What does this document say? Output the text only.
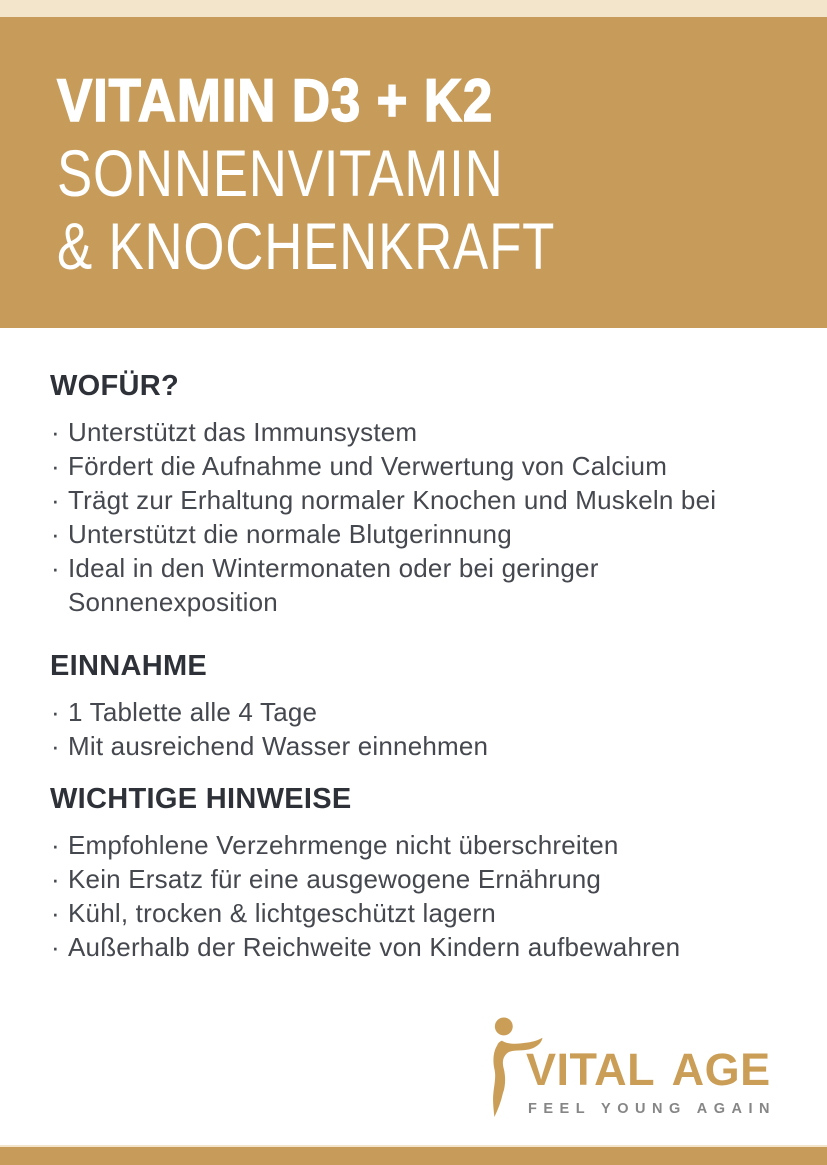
VITAMIN D3 + K2
SONNENVITAMIN
& KNOCHENKRAFT
WOFÜR?
· Unterstützt das Immunsystem
· Fördert die Aufnahme und Verwertung von Calcium
· Trägt zur Erhaltung normaler Knochen und Muskeln bei
· Unterstützt die normale Blutgerinnung
· Ideal in den Wintermonaten oder bei geringer Sonnenexposition
EINNAHME
· 1 Tablette alle 4 Tage
· Mit ausreichend Wasser einnehmen
WICHTIGE HINWEISE
· Empfohlene Verzehrmenge nicht überschreiten
· Kein Ersatz für eine ausgewogene Ernährung
· Kühl, trocken & lichtgeschützt lagern
· Außerhalb der Reichweite von Kindern aufbewahren
VITAL AGE
FEEL YOUNG AGAIN
